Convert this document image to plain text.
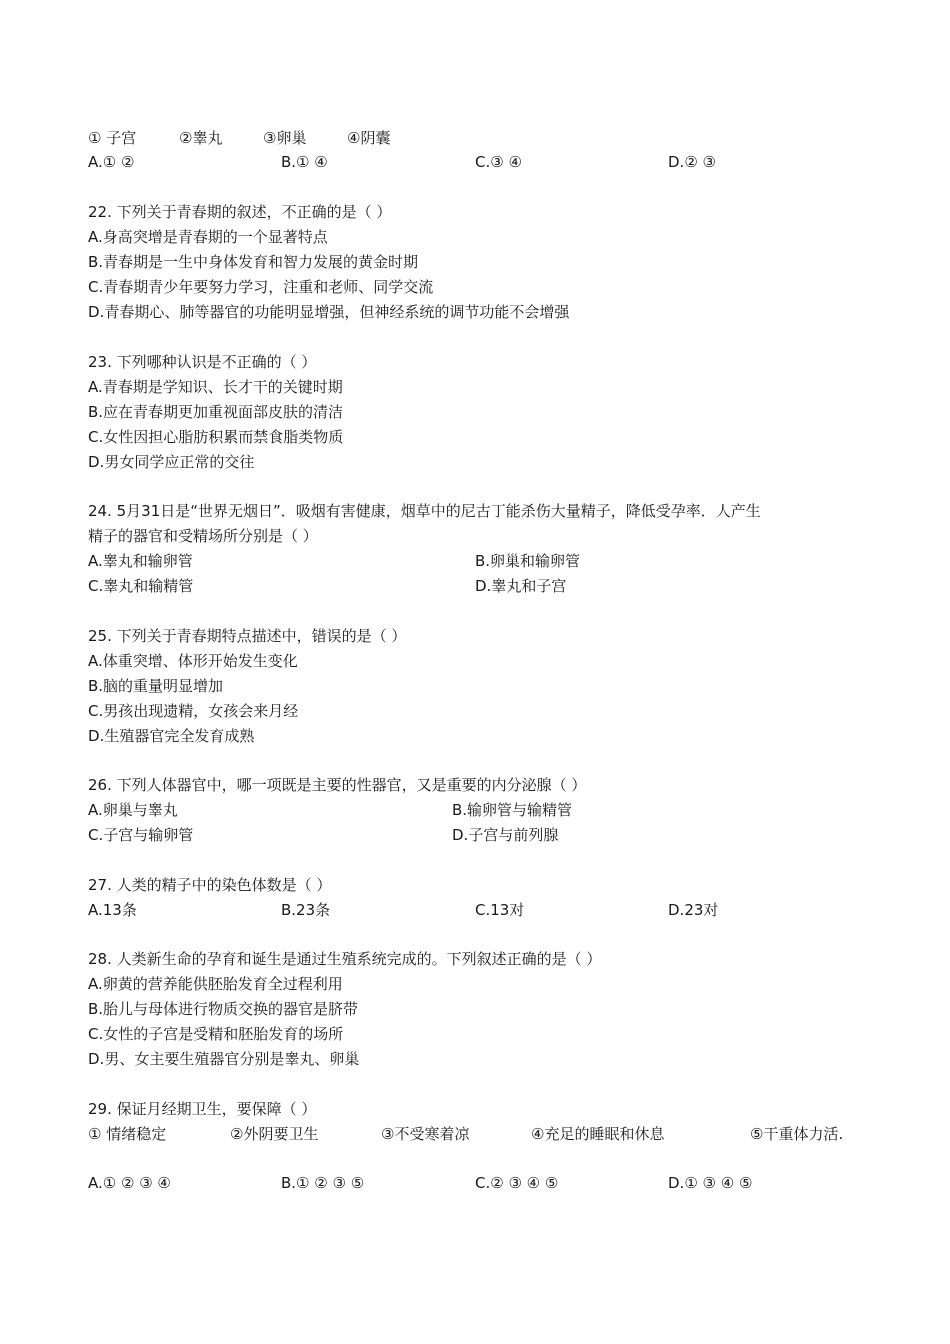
① 子宫	②睾丸	③卵巢	④阴囊
A.① ②	B.① ④	C.③ ④	D.② ③
22. 下列关于青春期的叙述，不正确的是（ ）
A.身高突增是青春期的一个显著特点
B.青春期是一生中身体发育和智力发展的黄金时期
C.青春期青少年要努力学习，注重和老师、同学交流
D.青春期心、肺等器官的功能明显增强，但神经系统的调节功能不会增强
23. 下列哪种认识是不正确的（ ）
A.青春期是学知识、长才干的关键时期
B.应在青春期更加重视面部皮肤的清洁
C.女性因担心脂肪积累而禁食脂类物质
D.男女同学应正常的交往
24. 5月31日是“世界无烟日”．吸烟有害健康，烟草中的尼古丁能杀伤大量精子，降低受孕率．人产生
精子的器官和受精场所分别是（ ）
A.睾丸和输卵管	B.卵巢和输卵管
C.睾丸和输精管	D.睾丸和子宫
25. 下列关于青春期特点描述中，错误的是（ ）
A.体重突增、体形开始发生变化
B.脑的重量明显增加
C.男孩出现遗精，女孩会来月经
D.生殖器官完全发育成熟
26. 下列人体器官中，哪一项既是主要的性器官，又是重要的内分泌腺（ ）
A.卵巢与睾丸	B.输卵管与输精管
C.子宫与输卵管	D.子宫与前列腺
27. 人类的精子中的染色体数是（ ）
A.13条	B.23条	C.13对	D.23对
28. 人类新生命的孕育和诞生是通过生殖系统完成的。下列叙述正确的是（ ）
A.卵黄的营养能供胚胎发育全过程利用
B.胎儿与母体进行物质交换的器官是脐带
C.女性的子宫是受精和胚胎发育的场所
D.男、女主要生殖器官分别是睾丸、卵巢
29. 保证月经期卫生，要保障（ ）
① 情绪稳定	②外阴要卫生	③不受寒着凉	④充足的睡眠和休息	⑤干重体力活.
A.① ② ③ ④	B.① ② ③ ⑤	C.② ③ ④ ⑤	D.① ③ ④ ⑤
